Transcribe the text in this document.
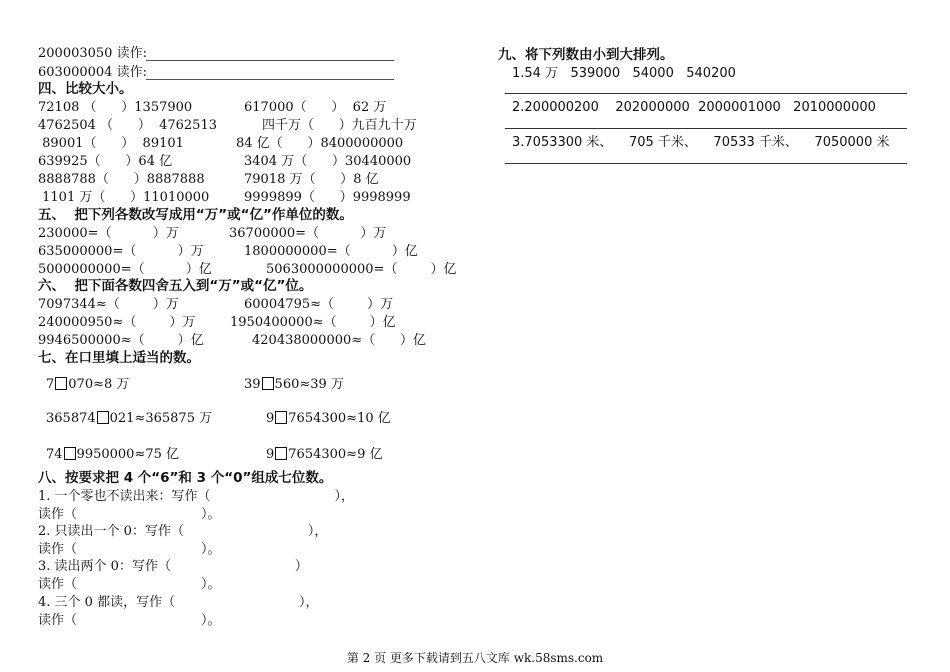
200003050 读作:
603000004 读作:
四、比较大小。
72108 （      ）1357900	617000（      ）  62 万
4762504 （      ）  4762513	四千万（      ）九百九十万
89001（      ）  89101	84 亿（      ）8400000000
639925（      ）64 亿	3404 万（      ）30440000
8888788（      ）8887888	79018 万（      ）8 亿
1101 万（      ）11010000	9999899（      ）9998999
五、  把下列各数改写成用“万”或“亿”作单位的数。
230000=（          ）万	36700000=（          ）万
635000000=（          ）万	1800000000=（          ）亿
5000000000=（          ）亿	5063000000000=（        ）亿
六、  把下面各数四舍五入到“万”或“亿”位。
7097344≈（        ）万	60004795≈（        ）万
240000950≈（        ）万	1950400000≈（        ）亿
9946500000≈（        ）亿	420438000000≈（      ）亿
七、在口里填上适当的数。
7 070≈8 万	39 560≈39 万
365874 021≈365875 万	9 7654300≈10 亿
74 9950000≈75 亿	9 7654300≈9 亿
八、按要求把 4 个“6”和 3 个“0”组成七位数。
1. 一个零也不读出来：写作（                              ），
读作（                              ）。
2. 只读出一个 0：写作（                              ），
读作（                              ）。
3. 读出两个 0：写作（                              ）
读作（                              ）。
4. 三个 0 都读，写作（                              ），
读作（                              ）。
九、将下列数由小到大排列。
1.54 万   539000   54000   540200
2.200000200    202000000  2000001000   2010000000
3.7053300 米、    705 千米、    70533 千米、    7050000 米
第 2 页 更多下载请到五八文库 wk.58sms.com
